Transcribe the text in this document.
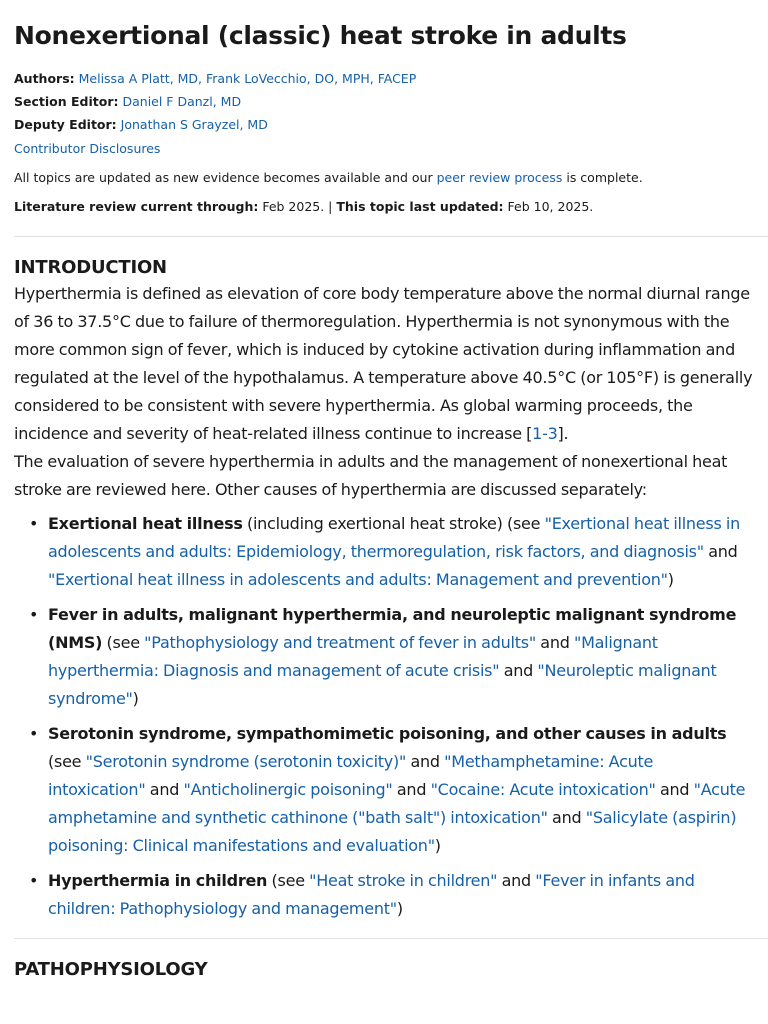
Nonexertional (classic) heat stroke in adults
Authors: Melissa A Platt, MD, Frank LoVecchio, DO, MPH, FACEP
Section Editor: Daniel F Danzl, MD
Deputy Editor: Jonathan S Grayzel, MD
Contributor Disclosures
All topics are updated as new evidence becomes available and our peer review process is complete.
Literature review current through: Feb 2025. | This topic last updated: Feb 10, 2025.
INTRODUCTION

Hyperthermia is defined as elevation of core body temperature above the normal diurnal range of 36 to 37.5°C due to failure of thermoregulation. Hyperthermia is not synonymous with the more common sign of fever, which is induced by cytokine activation during inflammation and regulated at the level of the hypothalamus. A temperature above 40.5°C (or 105°F) is generally considered to be consistent with severe hyperthermia. As global warming proceeds, the incidence and severity of heat-related illness continue to increase [1-3].

The evaluation of severe hyperthermia in adults and the management of nonexertional heat stroke are reviewed here. Other causes of hyperthermia are discussed separately:

• Exertional heat illness (including exertional heat stroke) (see "Exertional heat illness in adolescents and adults: Epidemiology, thermoregulation, risk factors, and diagnosis" and "Exertional heat illness in adolescents and adults: Management and prevention")
• Fever in adults, malignant hyperthermia, and neuroleptic malignant syndrome (NMS) (see "Pathophysiology and treatment of fever in adults" and "Malignant hyperthermia: Diagnosis and management of acute crisis" and "Neuroleptic malignant syndrome")
• Serotonin syndrome, sympathomimetic poisoning, and other causes in adults (see "Serotonin syndrome (serotonin toxicity)" and "Methamphetamine: Acute intoxication" and "Anticholinergic poisoning" and "Cocaine: Acute intoxication" and "Acute amphetamine and synthetic cathinone ("bath salt") intoxication" and "Salicylate (aspirin) poisoning: Clinical manifestations and evaluation")
• Hyperthermia in children (see "Heat stroke in children" and "Fever in infants and children: Pathophysiology and management")
PATHOPHYSIOLOGY
